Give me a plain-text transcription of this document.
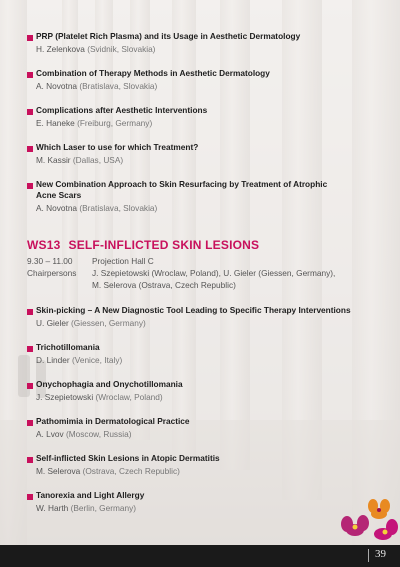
PRP (Platelet Rich Plasma) and its Usage in Aesthetic Dermatology
H. Zelenkova (Svidnik, Slovakia)
Combination of Therapy Methods in Aesthetic Dermatology
A. Novotna (Bratislava, Slovakia)
Complications after Aesthetic Interventions
E. Haneke (Freiburg, Germany)
Which Laser to use for which Treatment?
M. Kassir (Dallas, USA)
New Combination Approach to Skin Resurfacing by Treatment of Atrophic
Acne Scars
A. Novotna (Bratislava, Slovakia)
WS13 SELF-INFLICTED SKIN LESIONS
9.30 – 11.00 Projection Hall C
Chairpersons J. Szepietowski (Wroclaw, Poland), U. Gieler (Giessen, Germany),
M. Selerova (Ostrava, Czech Republic)
Skin-picking – A New Diagnostic Tool Leading to Specific Therapy Interventions
U. Gieler (Giessen, Germany)
Trichotillomania
D. Linder (Venice, Italy)
Onychophagia and Onychotillomania
J. Szepietowski (Wroclaw, Poland)
Pathomimia in Dermatological Practice
A. Lvov (Moscow, Russia)
Self-inflicted Skin Lesions in Atopic Dermatitis
M. Selerova (Ostrava, Czech Republic)
Tanorexia and Light Allergy
W. Harth (Berlin, Germany)
39
